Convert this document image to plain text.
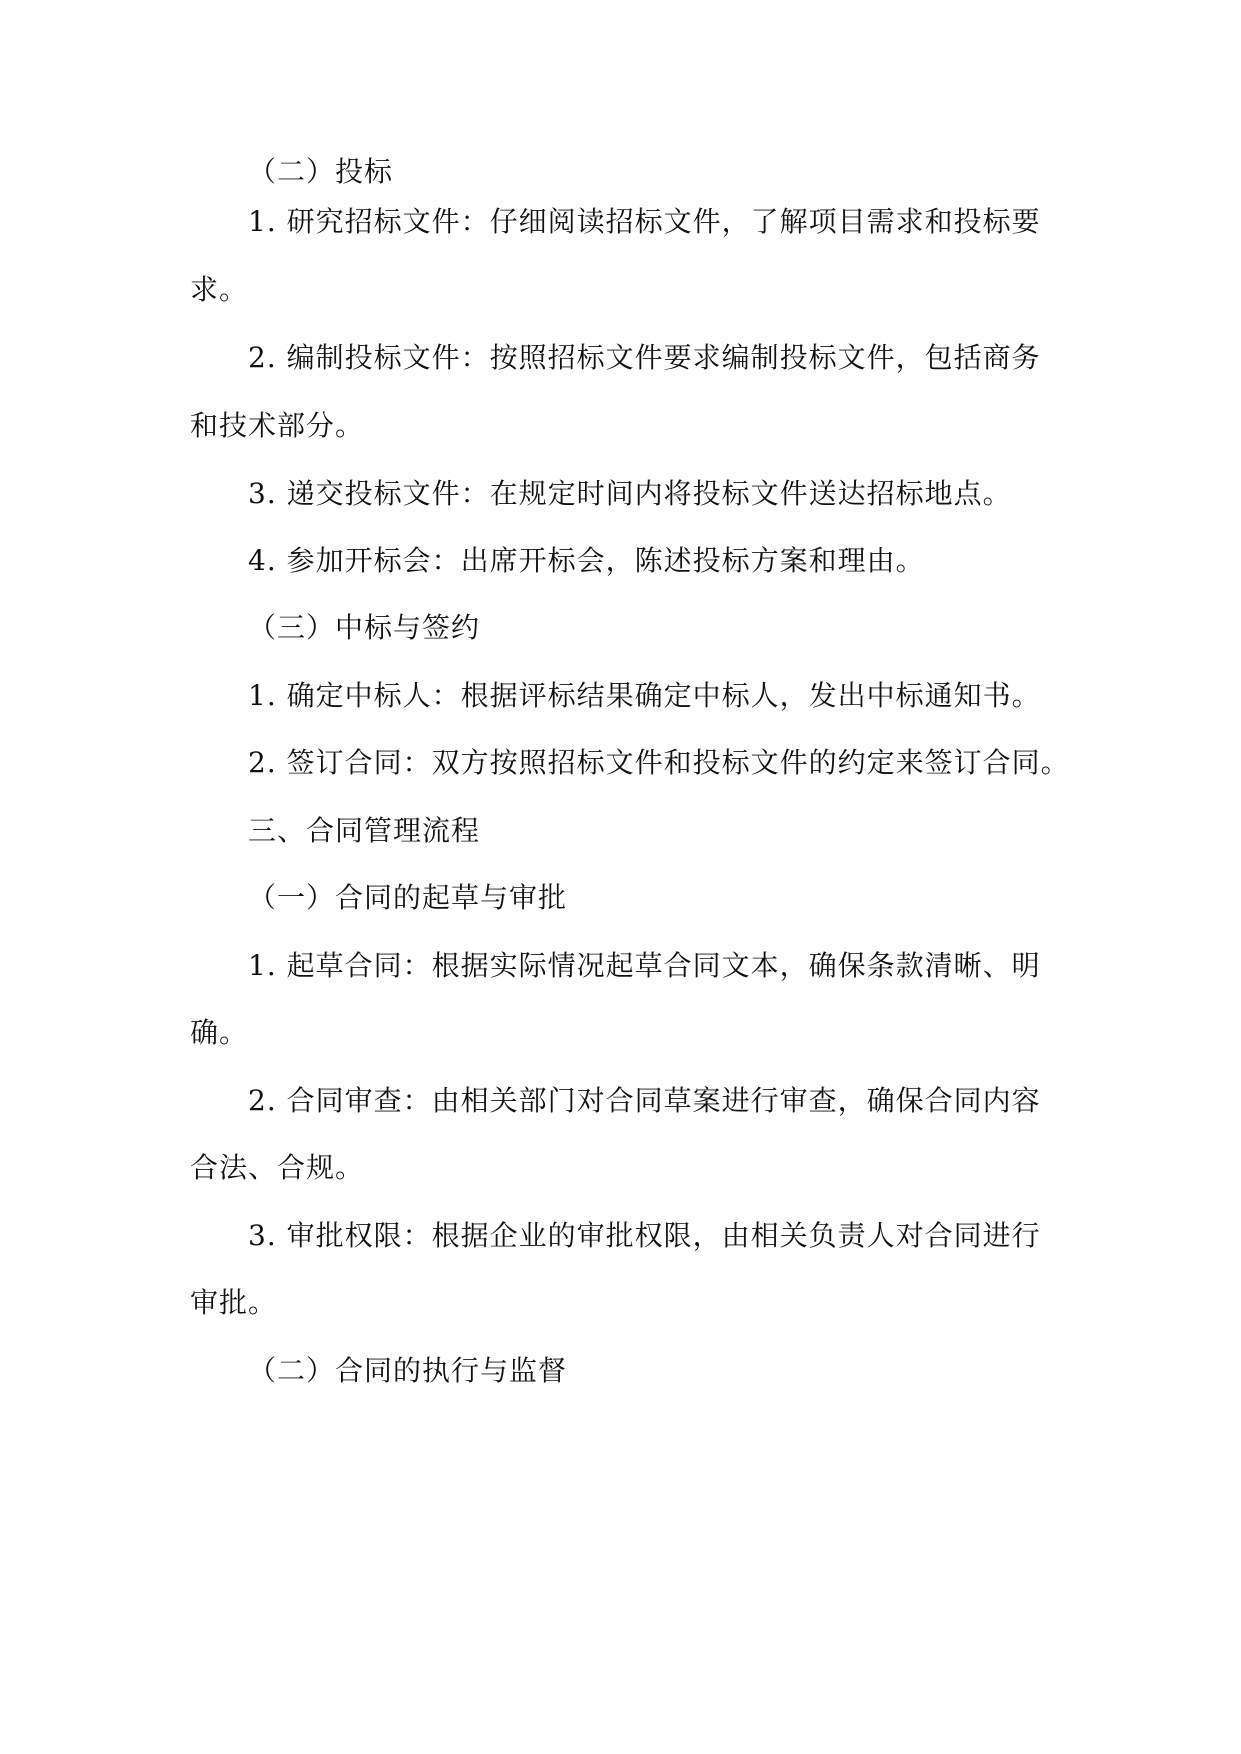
（二）投标
1. 研究招标文件：仔细阅读招标文件，了解项目需求和投标要
求。
2. 编制投标文件：按照招标文件要求编制投标文件，包括商务
和技术部分。
3. 递交投标文件：在规定时间内将投标文件送达招标地点。
4. 参加开标会：出席开标会，陈述投标方案和理由。
（三）中标与签约
1. 确定中标人：根据评标结果确定中标人，发出中标通知书。
2. 签订合同：双方按照招标文件和投标文件的约定来签订合同。
三、合同管理流程
（一）合同的起草与审批
1. 起草合同：根据实际情况起草合同文本，确保条款清晰、明
确。
2. 合同审查：由相关部门对合同草案进行审查，确保合同内容
合法、合规。
3. 审批权限：根据企业的审批权限，由相关负责人对合同进行
审批。
（二）合同的执行与监督
